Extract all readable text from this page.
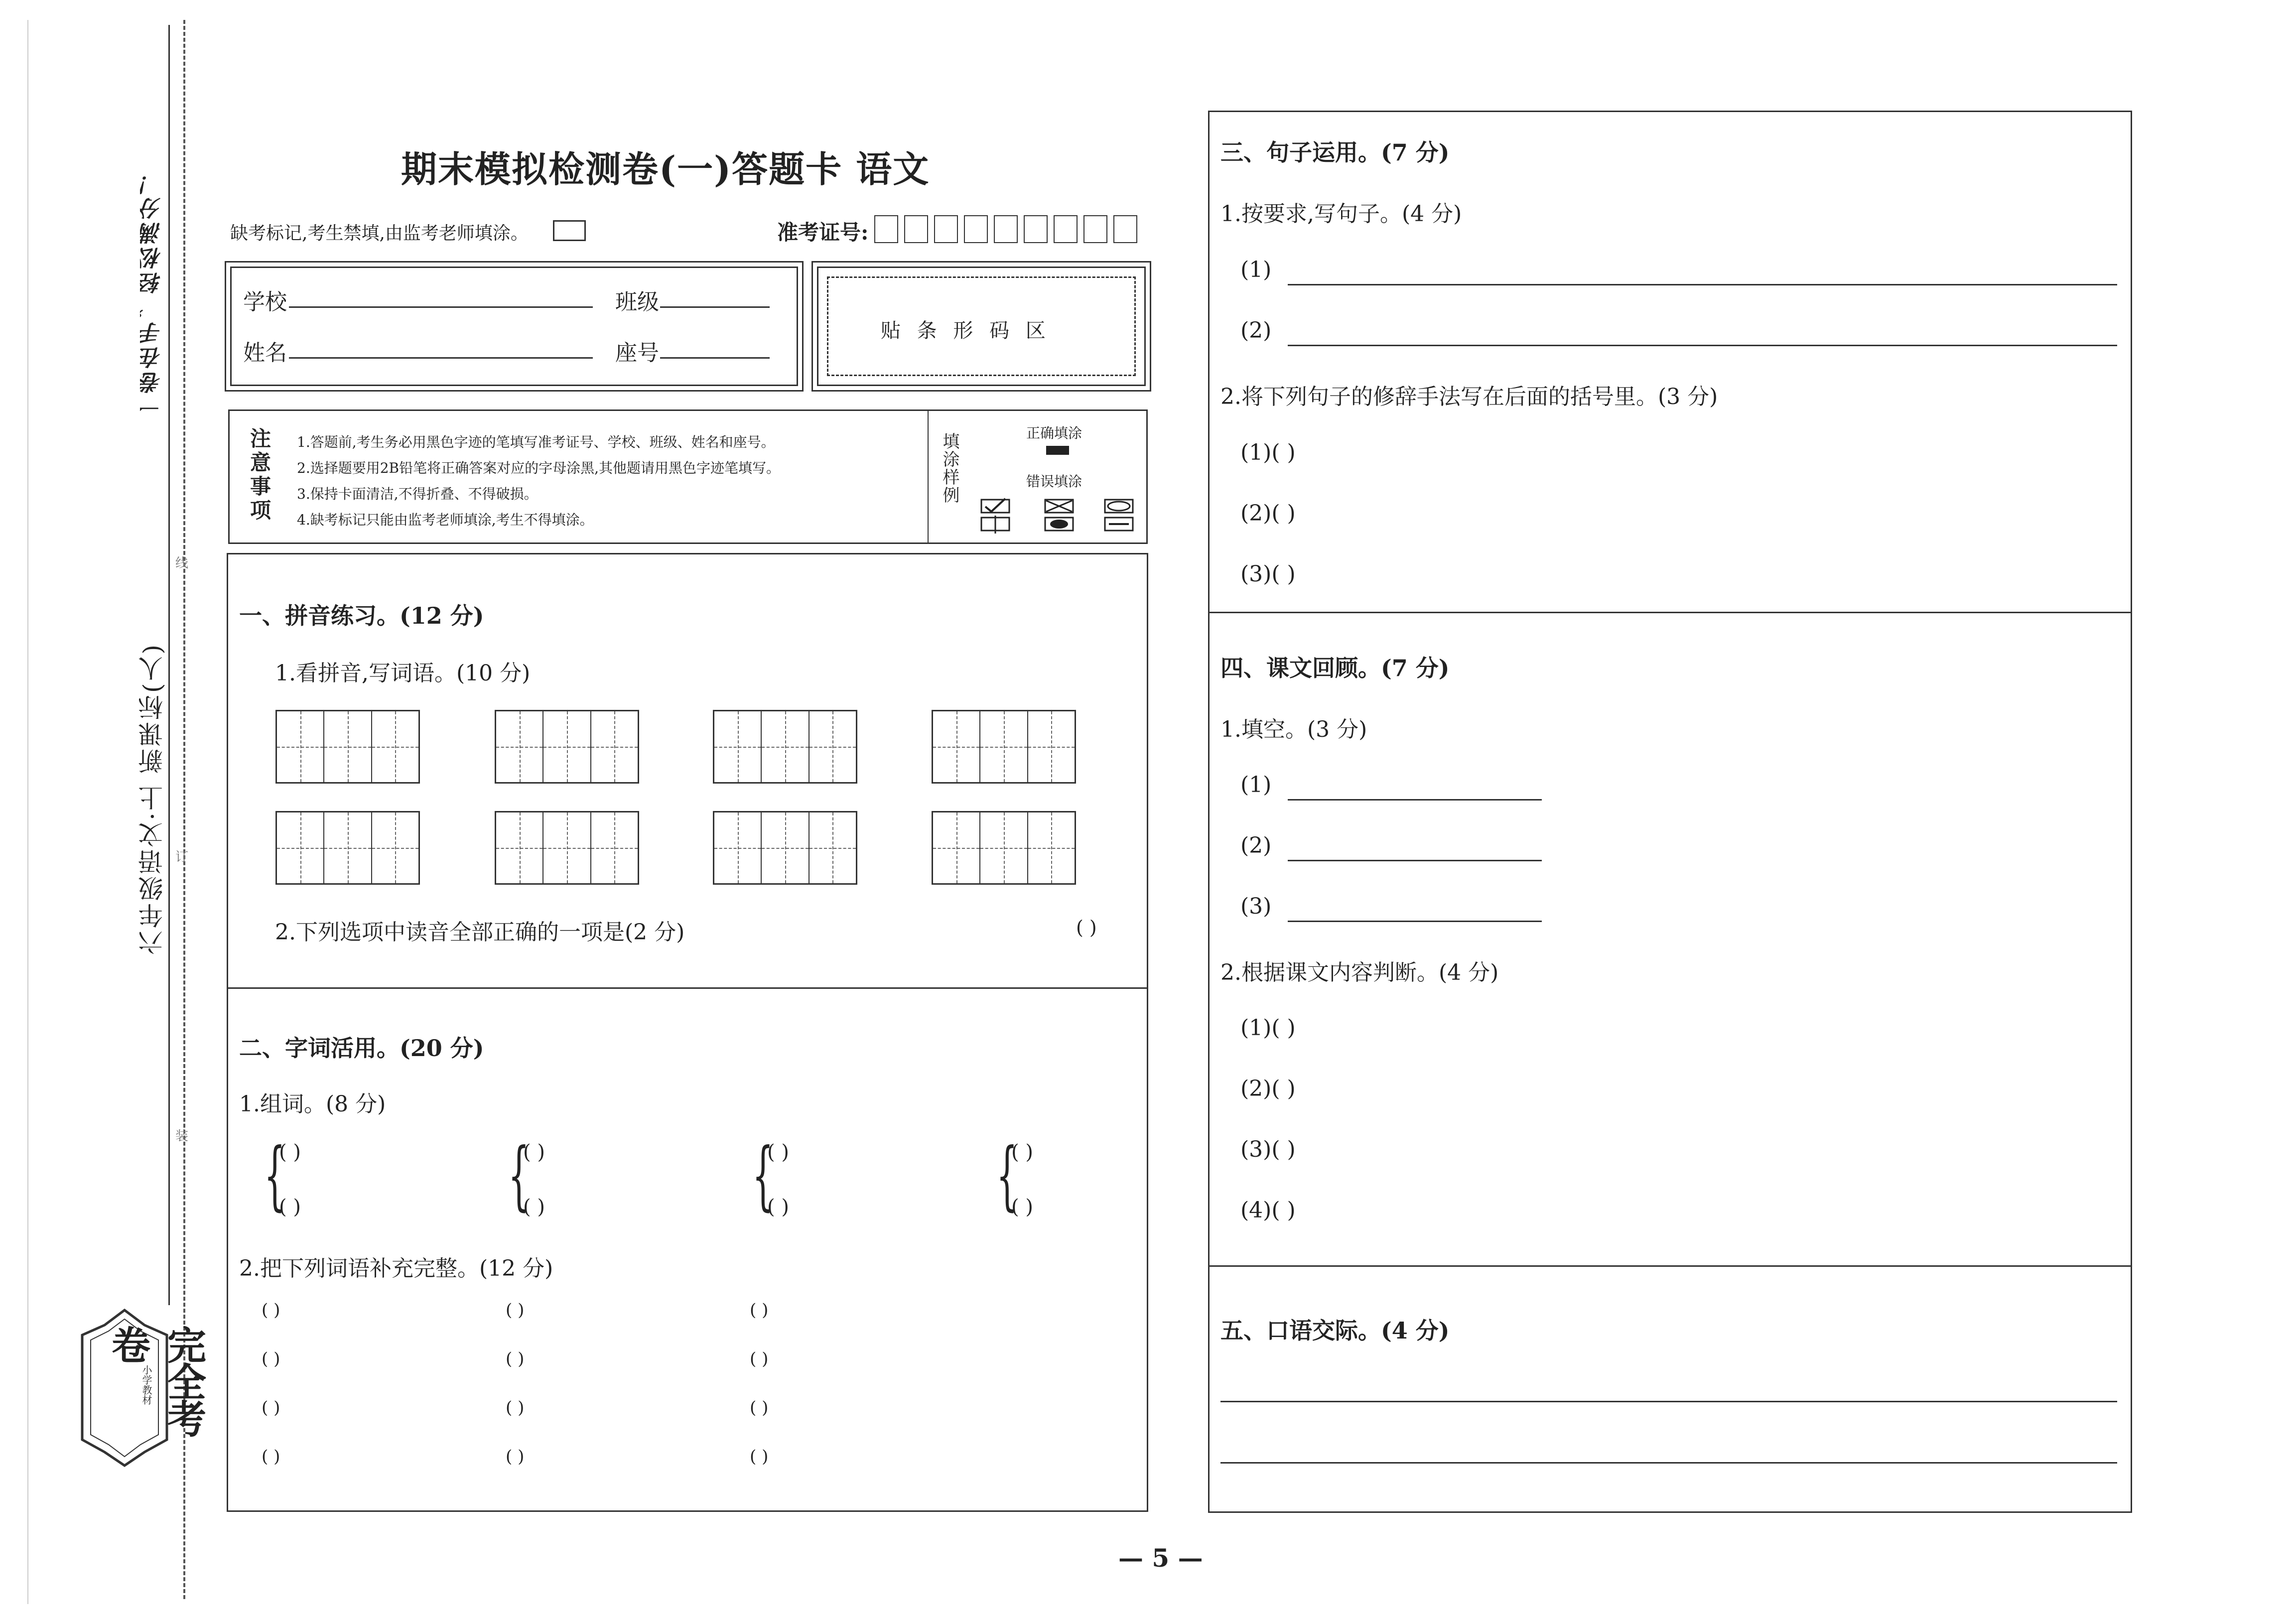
一卷在手，轻松满分！
六年级语文·上 新课标(人)
线
订
装
完全考卷
小学教材
期末模拟检测卷(一)答题卡 语文
缺考标记,考生禁填,由监考老师填涂。	准考证号:
学校	班级
姓名	座号
贴 条 形 码 区
注意事项 1.答题前,考生务必用黑色字迹的笔填写准考证号、学校、班级、姓名和座号。
2.选择题要用2B铅笔将正确答案对应的字母涂黑,其他题请用黑色字迹笔填写。
3.保持卡面清洁,不得折叠、不得破损。
4.缺考标记只能由监考老师填涂,考生不得填涂。
填涂样例	正确填涂
错误填涂
一、拼音练习。(12 分)
1.看拼音,写词语。(10 分)
2.下列选项中读音全部正确的一项是(2 分)	( )
二、字词活用。(20 分)
1.组词。(8 分)
{
( )
( )	{
( )
( )	{
( )
( )	{
( )
( )
2.把下列词语补充完整。(12 分)
( )	( )	( )
( )	( )	( )
( )	( )	( )
( )	( )	( )
三、句子运用。(7 分)
1.按要求,写句子。(4 分)
(1)
(2)
2.将下列句子的修辞手法写在后面的括号里。(3 分)
(1)( )
(2)( )
(3)( )
四、课文回顾。(7 分)
1.填空。(3 分)
(1)
(2)
(3)
2.根据课文内容判断。(4 分)
(1)( )
(2)( )
(3)( )
(4)( )
五、口语交际。(4 分)
— 5 —
